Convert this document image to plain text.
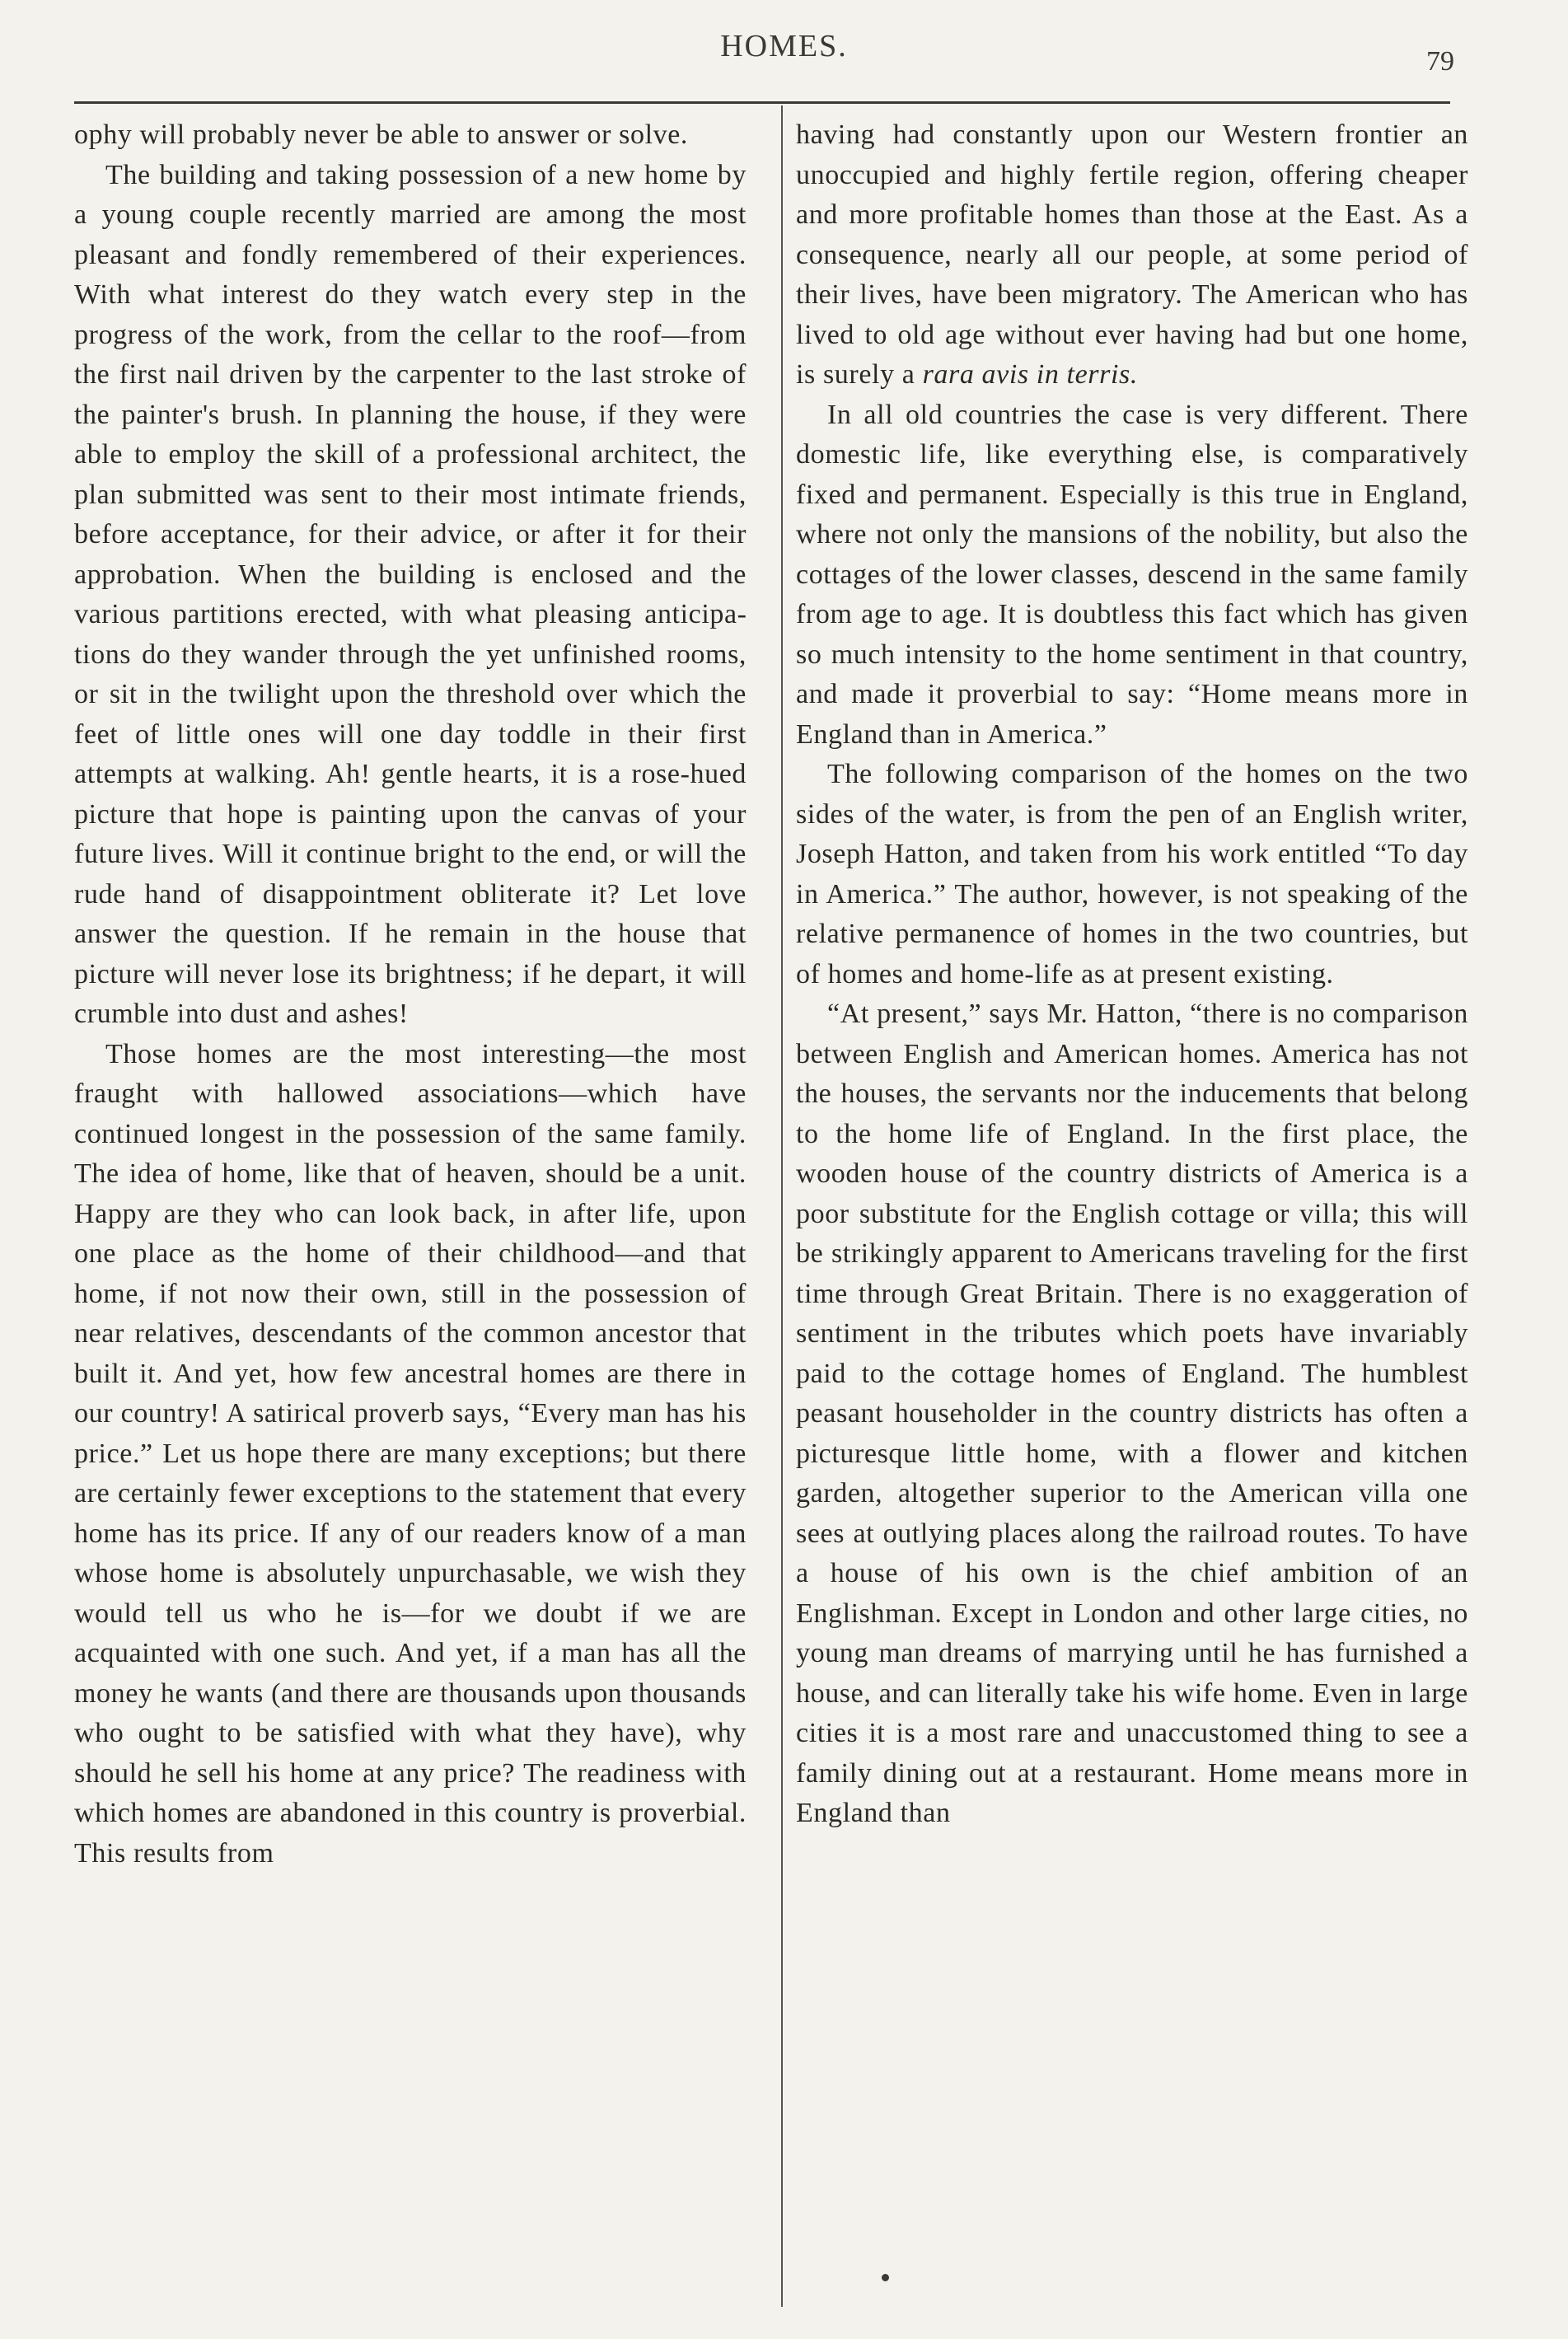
HOMES.	79

ophy will probably never be able to answer or solve.

The building and taking possession of a new home by a young couple recently married are among the most pleasant and fondly remembered of their experiences. With what interest do they watch every step in the progress of the work, from the cellar to the roof—from the first nail driven by the carpenter to the last stroke of the painter's brush. In planning the house, if they were able to employ the skill of a professional architect, the plan submitted was sent to their most intimate friends, before acceptance, for their advice, or after it for their approbation. When the building is enclosed and the various partitions erected, with what pleasing anticipations do they wander through the yet unfinished rooms, or sit in the twilight upon the threshold over which the feet of little ones will one day toddle in their first attempts at walking. Ah! gentle hearts, it is a rose-hued picture that hope is painting upon the canvas of your future lives. Will it continue bright to the end, or will the rude hand of disappointment obliterate it? Let love answer the question. If he remain in the house that picture will never lose its brightness; if he depart, it will crumble into dust and ashes!

Those homes are the most interesting—the most fraught with hallowed associations—which have continued longest in the possession of the same family. The idea of home, like that of heaven, should be a unit. Happy are they who can look back, in after life, upon one place as the home of their childhood—and that home, if not now their own, still in the possession of near relatives, descendants of the common ancestor that built it. And yet, how few ancestral homes are there in our country! A satirical proverb says, “Every man has his price.” Let us hope there are many exceptions; but there are certainly fewer exceptions to the statement that every home has its price. If any of our readers know of a man whose home is absolutely unpurchasable, we wish they would tell us who he is—for we doubt if we are acquainted with one such. And yet, if a man has all the money he wants (and there are thousands upon thousands who ought to be satisfied with what they have), why should he sell his home at any price? The readiness with which homes are abandoned in this country is proverbial. This results from

having had constantly upon our Western frontier an unoccupied and highly fertile region, offering cheaper and more profitable homes than those at the East. As a consequence, nearly all our people, at some period of their lives, have been migratory. The American who has lived to old age without ever having had but one home, is surely a rara avis in terris.

In all old countries the case is very different. There domestic life, like everything else, is comparatively fixed and permanent. Especially is this true in England, where not only the mansions of the nobility, but also the cottages of the lower classes, descend in the same family from age to age. It is doubtless this fact which has given so much intensity to the home sentiment in that country, and made it proverbial to say: “Home means more in England than in America.”

The following comparison of the homes on the two sides of the water, is from the pen of an English writer, Joseph Hatton, and taken from his work entitled “To day in America.” The author, however, is not speaking of the relative permanence of homes in the two countries, but of homes and home-life as at present existing.

“At present,” says Mr. Hatton, “there is no comparison between English and American homes. America has not the houses, the servants nor the inducements that belong to the home life of England. In the first place, the wooden house of the country districts of America is a poor substitute for the English cottage or villa; this will be strikingly apparent to Americans traveling for the first time through Great Britain. There is no exaggeration of sentiment in the tributes which poets have invariably paid to the cottage homes of England. The humblest peasant householder in the country districts has often a picturesque little home, with a flower and kitchen garden, altogether superior to the American villa one sees at outlying places along the railroad routes. To have a house of his own is the chief ambition of an Englishman. Except in London and other large cities, no young man dreams of marrying until he has furnished a house, and can literally take his wife home. Even in large cities it is a most rare and unaccustomed thing to see a family dining out at a restaurant. Home means more in England than
